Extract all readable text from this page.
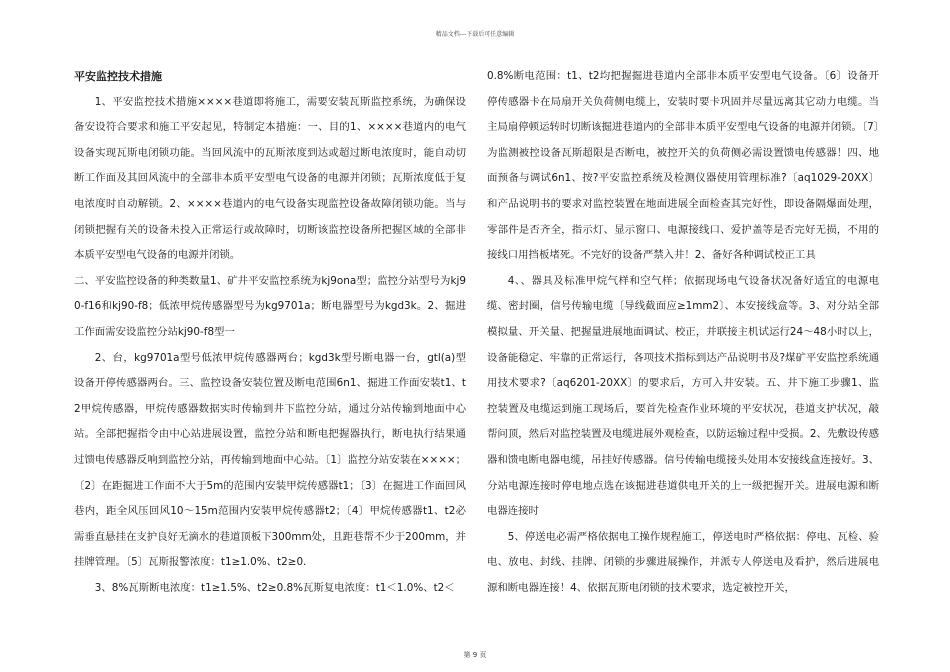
精品文档---下载后可任意编辑

平安监控技术措施

1、平安监控技术措施××××巷道即将施工，需要安装瓦斯监控系统，为确保设备安设符合要求和施工平安起见，特制定本措施：一、目的1、××××巷道内的电气设备实现瓦斯电闭锁功能。当回风流中的瓦斯浓度到达或超过断电浓度时，能自动切断工作面及其回风流中的全部非本质平安型电气设备的电源并闭锁；瓦斯浓度低于复电浓度时自动解锁。2、××××巷道内的电气设备实现监控设备故障闭锁功能。当与闭锁把握有关的设备未投入正常运行或故障时，切断该监控设备所把握区域的全部非本质平安型电气设备的电源并闭锁。

二、平安监控设备的种类数量1、矿井平安监控系统为kj9ona型；监控分站型号为kj90-f16和kj90-f8；低浓甲烷传感器型号为kg9701a；断电器型号为kgd3k。2、掘进工作面需安设监控分站kj90-f8型一

2、台，kg9701a型号低浓甲烷传感器两台；kgd3k型号断电器一台，gtl(a)型设备开停传感器两台。三、监控设备安装位置及断电范围6n1、掘进工作面安装t1、t2甲烷传感器，甲烷传感器数据实时传输到井下监控分站，通过分站传输到地面中心站。全部把握指令由中心站进展设置，监控分站和断电把握器执行，断电执行结果通过馈电传感器反响到监控分站，再传输到地面中心站。〔1〕监控分站安装在××××；〔2〕在距掘进工作面不大于5m的范围内安装甲烷传感器t1；〔3〕在掘进工作面回风巷内，距全风压回风10～15m范围内安装甲烷传感器t2；〔4〕甲烷传感器t1、t2必需垂直悬挂在支护良好无滴水的巷道顶板下300mm处，且距巷帮不少于200mm，并挂牌管理。〔5〕瓦斯报警浓度：t1≥1.0%、t2≥0.

3、8%瓦斯断电浓度：t1≥1.5%、t2≥0.8%瓦斯复电浓度：t1＜1.0%、t2＜

0.8%断电范围：t1、t2均把握掘进巷道内全部非本质平安型电气设备。〔6〕设备开停传感器卡在局扇开关负荷侧电缆上，安装时要卡巩固并尽量远离其它动力电缆。当主局扇停顿运转时切断该掘进巷道内的全部非本质平安型电气设备的电源并闭锁。〔7〕为监测被控设备瓦斯超限是否断电，被控开关的负荷侧必需设置馈电传感器！四、地面预备与调试6n1、按?平安监控系统及检测仪器使用管理标准?〔aq1029-20XX〕和产品说明书的要求对监控装置在地面进展全面检查其完好性，即设备隔爆面处理，零部件是否齐全，指示灯、显示窗口、电源接线口、爱护盖等是否完好无损，不用的接线口用挡板堵死。不完好的设备严禁入井！2、备好各种调试校正工具

4、、器具及标准甲烷气样和空气样；依据现场电气设备状况备好适宜的电源电缆、密封圈，信号传输电缆〔导线截面应≥1mm2〕、本安接线盒等。3、对分站全部模拟量、开关量、把握量进展地面调试、校正，并联接主机试运行24～48小时以上，设备能稳定、牢靠的正常运行，各项技术指标到达产品说明书及?煤矿平安监控系统通用技术要求?〔aq6201-20XX〕的要求后，方可入井安装。五、井下施工步骤1、监控装置及电缆运到施工现场后，要首先检查作业环境的平安状况，巷道支护状况，敲帮问顶，然后对监控装置及电缆进展外观检查，以防运输过程中受损。2、先敷设传感器和馈电断电器电缆，吊挂好传感器。信号传输电缆接头处用本安接线盒连接好。3、分站电源连接时停电地点选在该掘进巷道供电开关的上一级把握开关。进展电源和断电器连接时

5、停送电必需严格依据电工操作规程施工，停送电时严格依据：停电、瓦检、验电、放电、封线、挂牌、闭锁的步骤进展操作，并派专人停送电及看护，然后进展电源和断电器连接！4、依据瓦斯电闭锁的技术要求，选定被控开关，

第 9 页
